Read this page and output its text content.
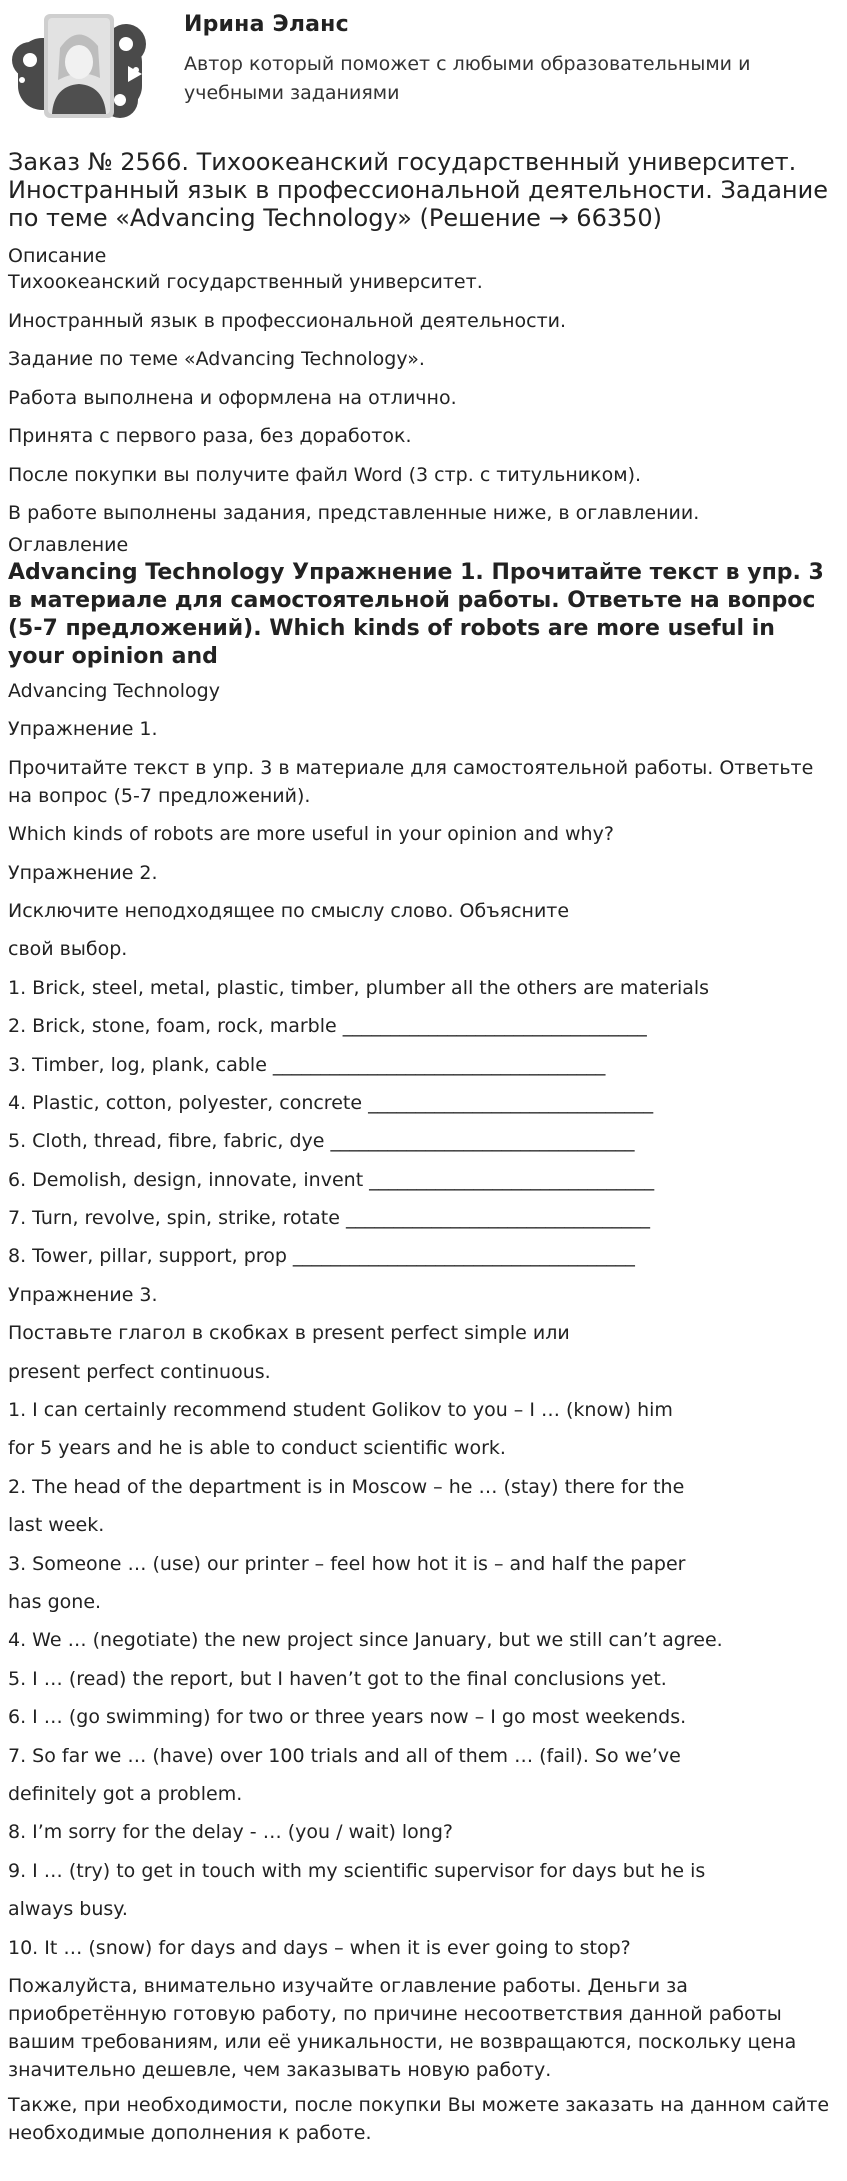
Ирина Эланс
Автор который поможет с любыми образовательными и учебными заданиями
Заказ № 2566. Тихоокеанский государственный университет. Иностранный язык в профессиональной деятельности. Задание по теме «Advancing Technology» (Решение → 66350)
Описание

Тихоокеанский государственный университет.

Иностранный язык в профессиональной деятельности.

Задание по теме «Advancing Technology».

Работа выполнена и оформлена на отлично.

Принята с первого раза, без доработок.

После покупки вы получите файл Word (3 стр. с титульником).

В работе выполнены задания, представленные ниже, в оглавлении.

Оглавление
Advancing Technology Упражнение 1. Прочитайте текст в упр. 3 в материале для самостоятельной работы. Ответьте на вопрос (5-7 предложений). Which kinds of robots are more useful in your opinion and

Advancing Technology

Упражнение 1.

Прочитайте текст в упр. 3 в материале для самостоятельной работы. Ответьте на вопрос (5-7 предложений).

Which kinds of robots are more useful in your opinion and why?

Упражнение 2.

Исключите неподходящее по смыслу слово. Объясните

свой выбор.

1. Brick, steel, metal, plastic, timber, plumber all the others are materials

2. Brick, stone, foam, rock, marble ________________________________

3. Timber, log, plank, cable ___________________________________

4. Plastic, cotton, polyester, concrete ______________________________

5. Cloth, thread, fibre, fabric, dye ________________________________

6. Demolish, design, innovate, invent ______________________________

7. Turn, revolve, spin, strike, rotate ________________________________

8. Tower, pillar, support, prop ____________________________________

Упражнение 3.

Поставьте глагол в скобках в present perfect simple или

present perfect continuous.

1. I can certainly recommend student Golikov to you – I … (know) him

for 5 years and he is able to conduct scientific work.

2. The head of the department is in Moscow – he … (stay) there for the

last week.

3. Someone … (use) our printer – feel how hot it is – and half the paper

has gone.

4. We … (negotiate) the new project since January, but we still can’t agree.

5. I … (read) the report, but I haven’t got to the final conclusions yet.

6. I … (go swimming) for two or three years now – I go most weekends.

7. So far we … (have) over 100 trials and all of them … (fail). So we’ve

definitely got a problem.

8. I’m sorry for the delay - … (you / wait) long?

9. I … (try) to get in touch with my scientific supervisor for days but he is

always busy.

10. It … (snow) for days and days – when it is ever going to stop?

Пожалуйста, внимательно изучайте оглавление работы. Деньги за приобретённую готовую работу, по причине несоответствия данной работы вашим требованиям, или её уникальности, не возвращаются, поскольку цена значительно дешевле, чем заказывать новую работу.

Также, при необходимости, после покупки Вы можете заказать на данном сайте необходимые дополнения к работе.
